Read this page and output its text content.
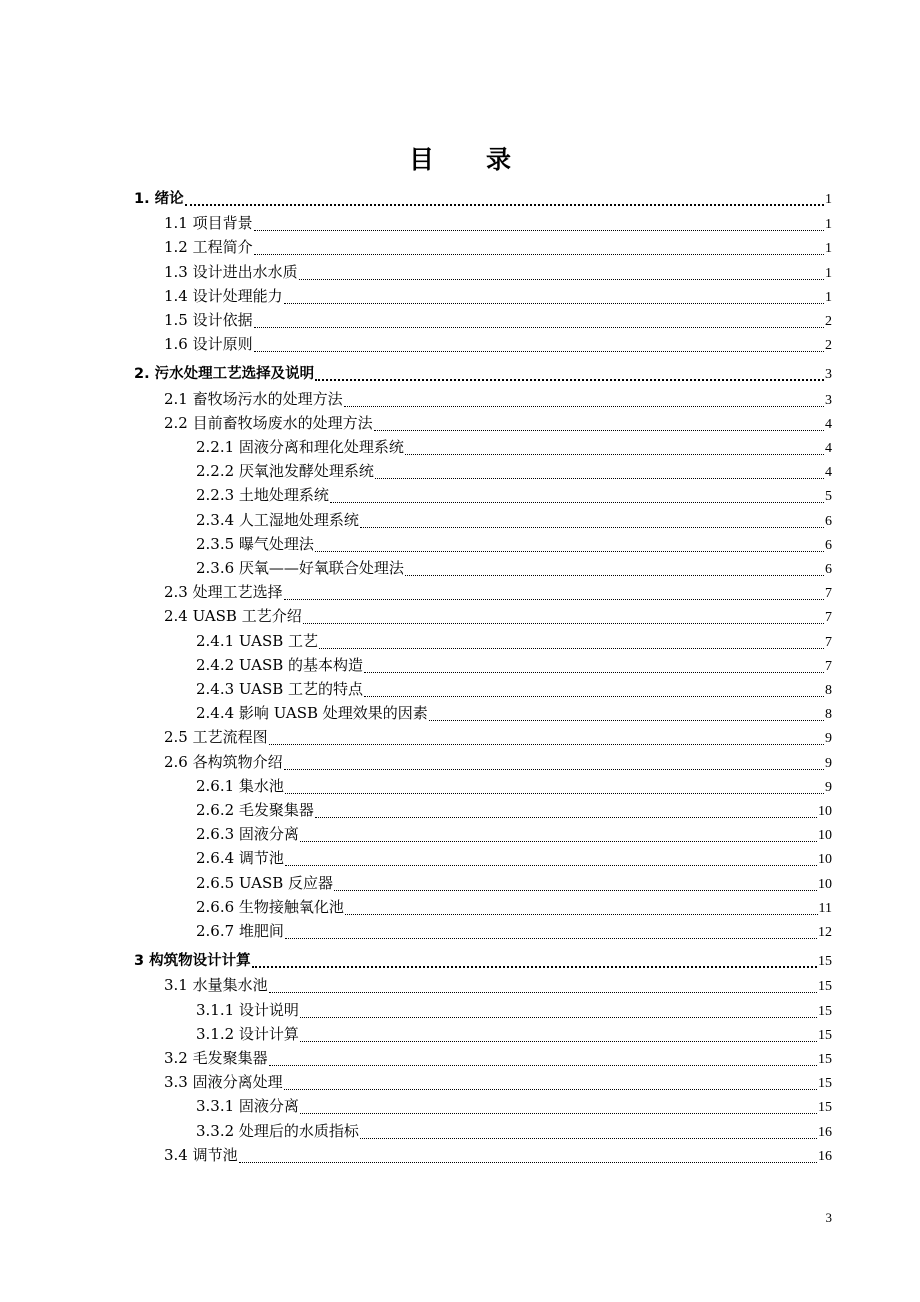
目录
1. 绪论	1
1.1 项目背景	1
1.2 工程简介	1
1.3 设计进出水水质	1
1.4 设计处理能力	1
1.5 设计依据	2
1.6 设计原则	2
2. 污水处理工艺选择及说明	3
2.1 畜牧场污水的处理方法	3
2.2 目前畜牧场废水的处理方法	4
2.2.1 固液分离和理化处理系统	4
2.2.2 厌氧池发酵处理系统	4
2.2.3 土地处理系统	5
2.3.4 人工湿地处理系统	6
2.3.5 曝气处理法	6
2.3.6 厌氧——好氧联合处理法	6
2.3 处理工艺选择	7
2.4 UASB 工艺介绍	7
2.4.1 UASB 工艺	7
2.4.2 UASB 的基本构造	7
2.4.3 UASB 工艺的特点	8
2.4.4 影响 UASB 处理效果的因素	8
2.5 工艺流程图	9
2.6 各构筑物介绍	9
2.6.1 集水池	9
2.6.2 毛发聚集器	10
2.6.3 固液分离	10
2.6.4 调节池	10
2.6.5 UASB 反应器	10
2.6.6 生物接触氧化池	11
2.6.7 堆肥间	12
3 构筑物设计计算	15
3.1 水量集水池	15
3.1.1 设计说明	15
3.1.2 设计计算	15
3.2 毛发聚集器	15
3.3 固液分离处理	15
3.3.1 固液分离	15
3.3.2 处理后的水质指标	16
3.4 调节池	16
3
